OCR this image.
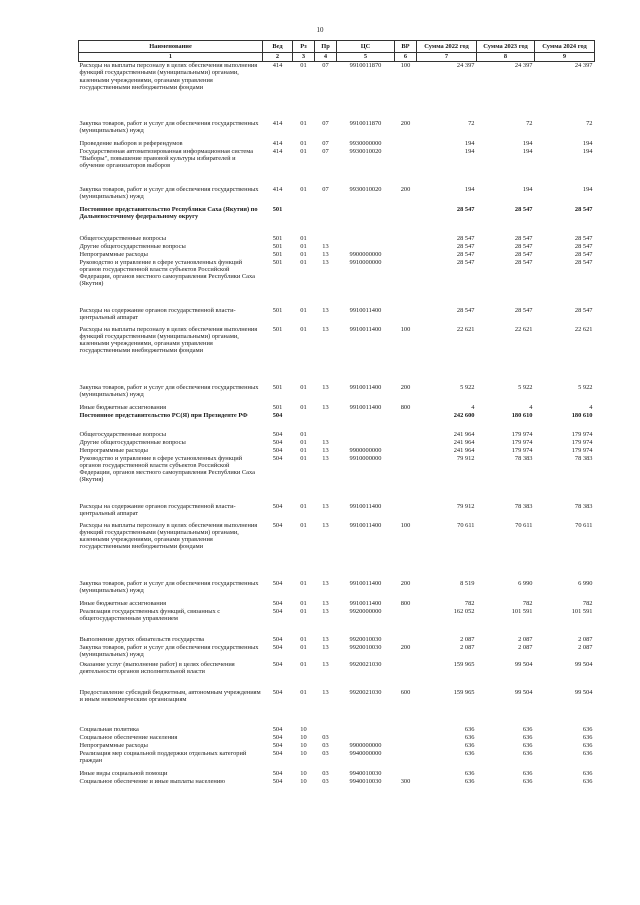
10
Наименование	Вед	Рз	Пр	ЦС	ВР	Сумма 2022 год	Сумма 2023 год	Сумма 2024 год
1	2	3	4	5	6	7	8	9
Расходы на выплаты персоналу в целях обеспечения выполнения функций государственными (муниципальными) органами, казенными учреждениями, органами управления государственными внебюджетными фондами	414	01	07	9910011870	100	24 397	24 397	24 397
Закупка товаров, работ и услуг для обеспечения государственных (муниципальных) нужд	414	01	07	9910011870	200	72	72	72
Проведение выборов и референдумов	414	01	07	9930000000		194	194	194
Государственная автоматизированная информационная система "Выборы", повышение правовой культуры избирателей и обучение организаторов выборов	414	01	07	9930010020		194	194	194
Закупка товаров, работ и услуг для обеспечения государственных (муниципальных) нужд	414	01	07	9930010020	200	194	194	194
Постоянное представительство Республики Саха (Якутия) по Дальневосточному федеральному округу	501					28 547	28 547	28 547
Общегосударственные вопросы	501	01				28 547	28 547	28 547
Другие общегосударственные вопросы	501	01	13			28 547	28 547	28 547
Непрограммные расходы	501	01	13	9900000000		28 547	28 547	28 547
Руководство и управление в сфере установленных функций органов государственной власти субъектов Российской Федерации, органов местного самоуправления Республики Саха (Якутия)	501	01	13	9910000000		28 547	28 547	28 547
Расходы на содержание органов государственной власти- центральный аппарат	501	01	13	9910011400		28 547	28 547	28 547
Расходы на выплаты персоналу в целях обеспечения выполнения функций государственными (муниципальными) органами, казенными учреждениями, органами управления государственными внебюджетными фондами	501	01	13	9910011400	100	22 621	22 621	22 621
Закупка товаров, работ и услуг для обеспечения государственных (муниципальных) нужд	501	01	13	9910011400	200	5 922	5 922	5 922
Иные бюджетные ассигнования	501	01	13	9910011400	800	4	4	4
Постоянное представительство РС(Я) при Президенте РФ	504					242 600	180 610	180 610
Общегосударственные вопросы	504	01				241 964	179 974	179 974
Другие общегосударственные вопросы	504	01	13			241 964	179 974	179 974
Непрограммные расходы	504	01	13	9900000000		241 964	179 974	179 974
Руководство и управление в сфере установленных функций органов государственной власти субъектов Российской Федерации, органов местного самоуправления Республики Саха (Якутия)	504	01	13	9910000000		79 912	78 383	78 383
Расходы на содержание органов государственной власти- центральный аппарат	504	01	13	9910011400		79 912	78 383	78 383
Расходы на выплаты персоналу в целях обеспечения выполнения функций государственными (муниципальными) органами, казенными учреждениями, органами управления государственными внебюджетными фондами	504	01	13	9910011400	100	70 611	70 611	70 611
Закупка товаров, работ и услуг для обеспечения государственных (муниципальных) нужд	504	01	13	9910011400	200	8 519	6 990	6 990
Иные бюджетные ассигнования	504	01	13	9910011400	800	782	782	782
Реализация государственных функций, связанных с общегосударственным управлением	504	01	13	9920000000		162 052	101 591	101 591
Выполнение других обязательств государства	504	01	13	9920010030		2 087	2 087	2 087
Закупка товаров, работ и услуг для обеспечения государственных (муниципальных) нужд	504	01	13	9920010030	200	2 087	2 087	2 087
Оказание услуг (выполнение работ) в целях обеспечения деятельности органов исполнительной власти	504	01	13	9920021030		159 965	99 504	99 504
Предоставление субсидий бюджетным, автономным учреждениям и иным некоммерческим организациям	504	01	13	9920021030	600	159 965	99 504	99 504
Социальная политика	504	10				636	636	636
Социальное обеспечение населения	504	10	03			636	636	636
Непрограммные расходы	504	10	03	9900000000		636	636	636
Реализация мер социальной поддержки отдельных категорий граждан	504	10	03	9940000000		636	636	636
Иные виды социальной помощи	504	10	03	9940010030		636	636	636
Социальное обеспечение и иные выплаты населению	504	10	03	9940010030	300	636	636	636
